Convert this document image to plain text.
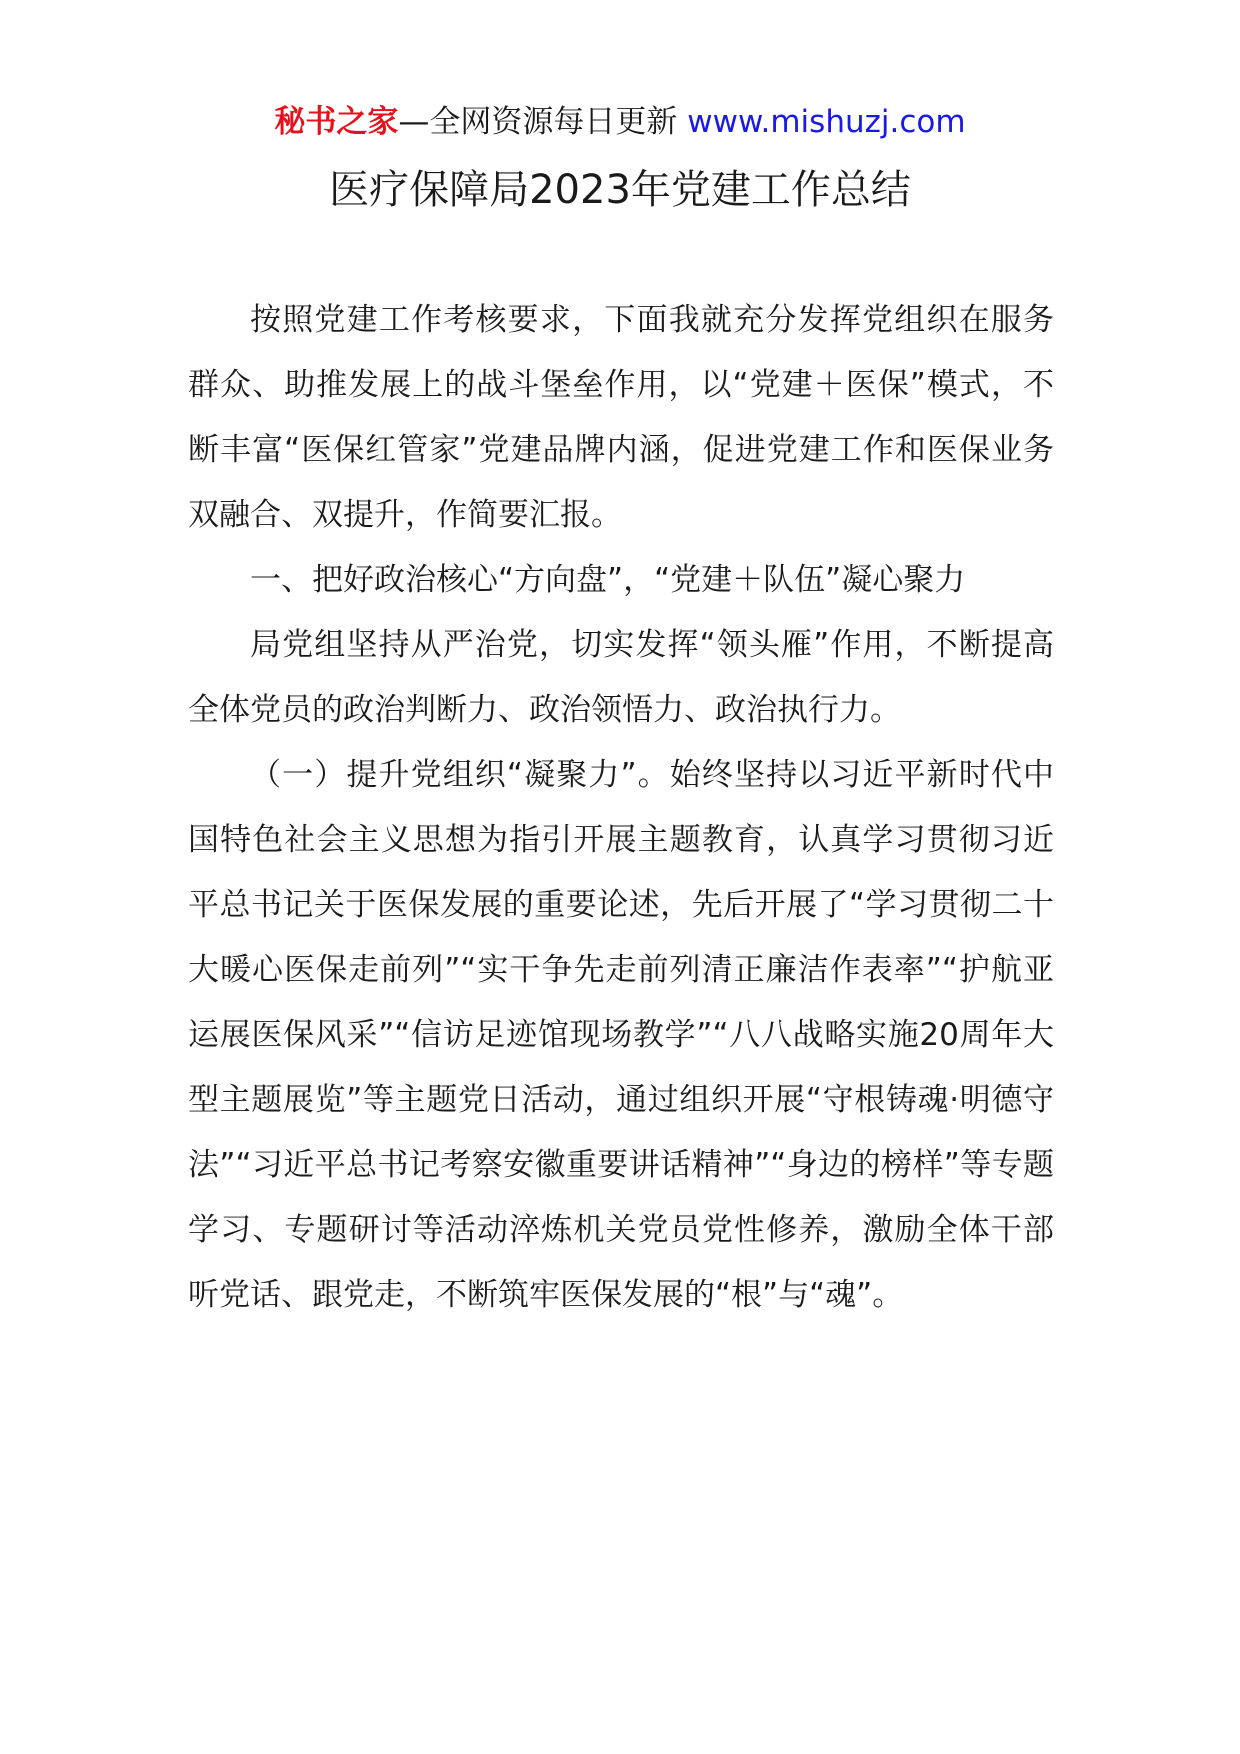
秘书之家—全网资源每日更新 www.mishuzj.com
医疗保障局2023年党建工作总结

按照党建工作考核要求，下面我就充分发挥党组织在服务群众、助推发展上的战斗堡垒作用，以“党建＋医保”模式，不断丰富“医保红管家”党建品牌内涵，促进党建工作和医保业务双融合、双提升，作简要汇报。

一、把好政治核心“方向盘”，“党建＋队伍”凝心聚力

局党组坚持从严治党，切实发挥“领头雁”作用，不断提高全体党员的政治判断力、政治领悟力、政治执行力。

（一）提升党组织“凝聚力”。始终坚持以习近平新时代中国特色社会主义思想为指引开展主题教育，认真学习贯彻习近平总书记关于医保发展的重要论述，先后开展了“学习贯彻二十大暖心医保走前列”“实干争先走前列清正廉洁作表率”“护航亚运展医保风采”“信访足迹馆现场教学”“八八战略实施20周年大型主题展览”等主题党日活动，通过组织开展“守根铸魂·明德守法”“习近平总书记考察安徽重要讲话精神”“身边的榜样”等专题学习、专题研讨等活动淬炼机关党员党性修养，激励全体干部听党话、跟党走，不断筑牢医保发展的“根”与“魂”。
